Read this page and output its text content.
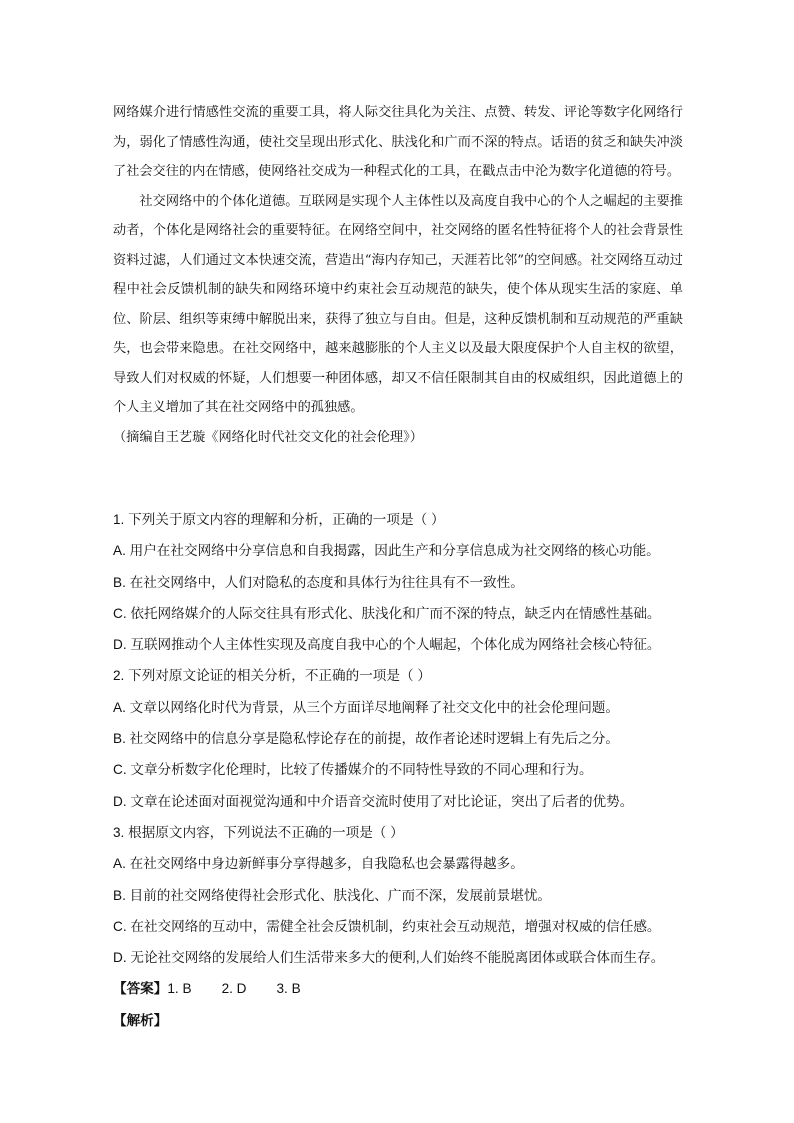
网络媒介进行情感性交流的重要工具，将人际交往具化为关注、点赞、转发、评论等数字化网络行为，弱化了情感性沟通，使社交呈现出形式化、肤浅化和广而不深的特点。话语的贫乏和缺失冲淡了社会交往的内在情感，使网络社交成为一种程式化的工具，在戳点击中沦为数字化道德的符号。

社交网络中的个体化道德。互联网是实现个人主体性以及高度自我中心的个人之崛起的主要推动者，个体化是网络社会的重要特征。在网络空间中，社交网络的匿名性特征将个人的社会背景性资料过滤，人们通过文本快速交流，营造出“海内存知己，天涯若比邻”的空间感。社交网络互动过程中社会反馈机制的缺失和网络环境中约束社会互动规范的缺失，使个体从现实生活的家庭、单位、阶层、组织等束缚中解脱出来，获得了独立与自由。但是，这种反馈机制和互动规范的严重缺失，也会带来隐患。在社交网络中，越来越膨胀的个人主义以及最大限度保护个人自主权的欲望，导致人们对权威的怀疑，人们想要一种团体感，却又不信任限制其自由的权威组织，因此道德上的个人主义增加了其在社交网络中的孤独感。

（摘编自王艺璇《网络化时代社交文化的社会伦理》）

1. 下列关于原文内容的理解和分析，正确的一项是（ ）
A. 用户在社交网络中分享信息和自我揭露，因此生产和分享信息成为社交网络的核心功能。
B. 在社交网络中，人们对隐私的态度和具体行为往往具有不一致性。
C. 依托网络媒介的人际交往具有形式化、肤浅化和广而不深的特点，缺乏内在情感性基础。
D. 互联网推动个人主体性实现及高度自我中心的个人崛起，个体化成为网络社会核心特征。
2. 下列对原文论证的相关分析，不正确的一项是（ ）
A. 文章以网络化时代为背景，从三个方面详尽地阐释了社交文化中的社会伦理问题。
B. 社交网络中的信息分享是隐私悖论存在的前提，故作者论述时逻辑上有先后之分。
C. 文章分析数字化伦理时，比较了传播媒介的不同特性导致的不同心理和行为。
D. 文章在论述面对面视觉沟通和中介语音交流时使用了对比论证，突出了后者的优势。
3. 根据原文内容，下列说法不正确的一项是（ ）
A. 在社交网络中身边新鲜事分享得越多，自我隐私也会暴露得越多。
B. 目前的社交网络使得社会形式化、肤浅化、广而不深，发展前景堪忧。
C. 在社交网络的互动中，需健全社会反馈机制，约束社会互动规范，增强对权威的信任感。
D. 无论社交网络的发展给人们生活带来多大的便利,人们始终不能脱离团体或联合体而生存。
【答案】1. B 2. D 3. B
【解析】
